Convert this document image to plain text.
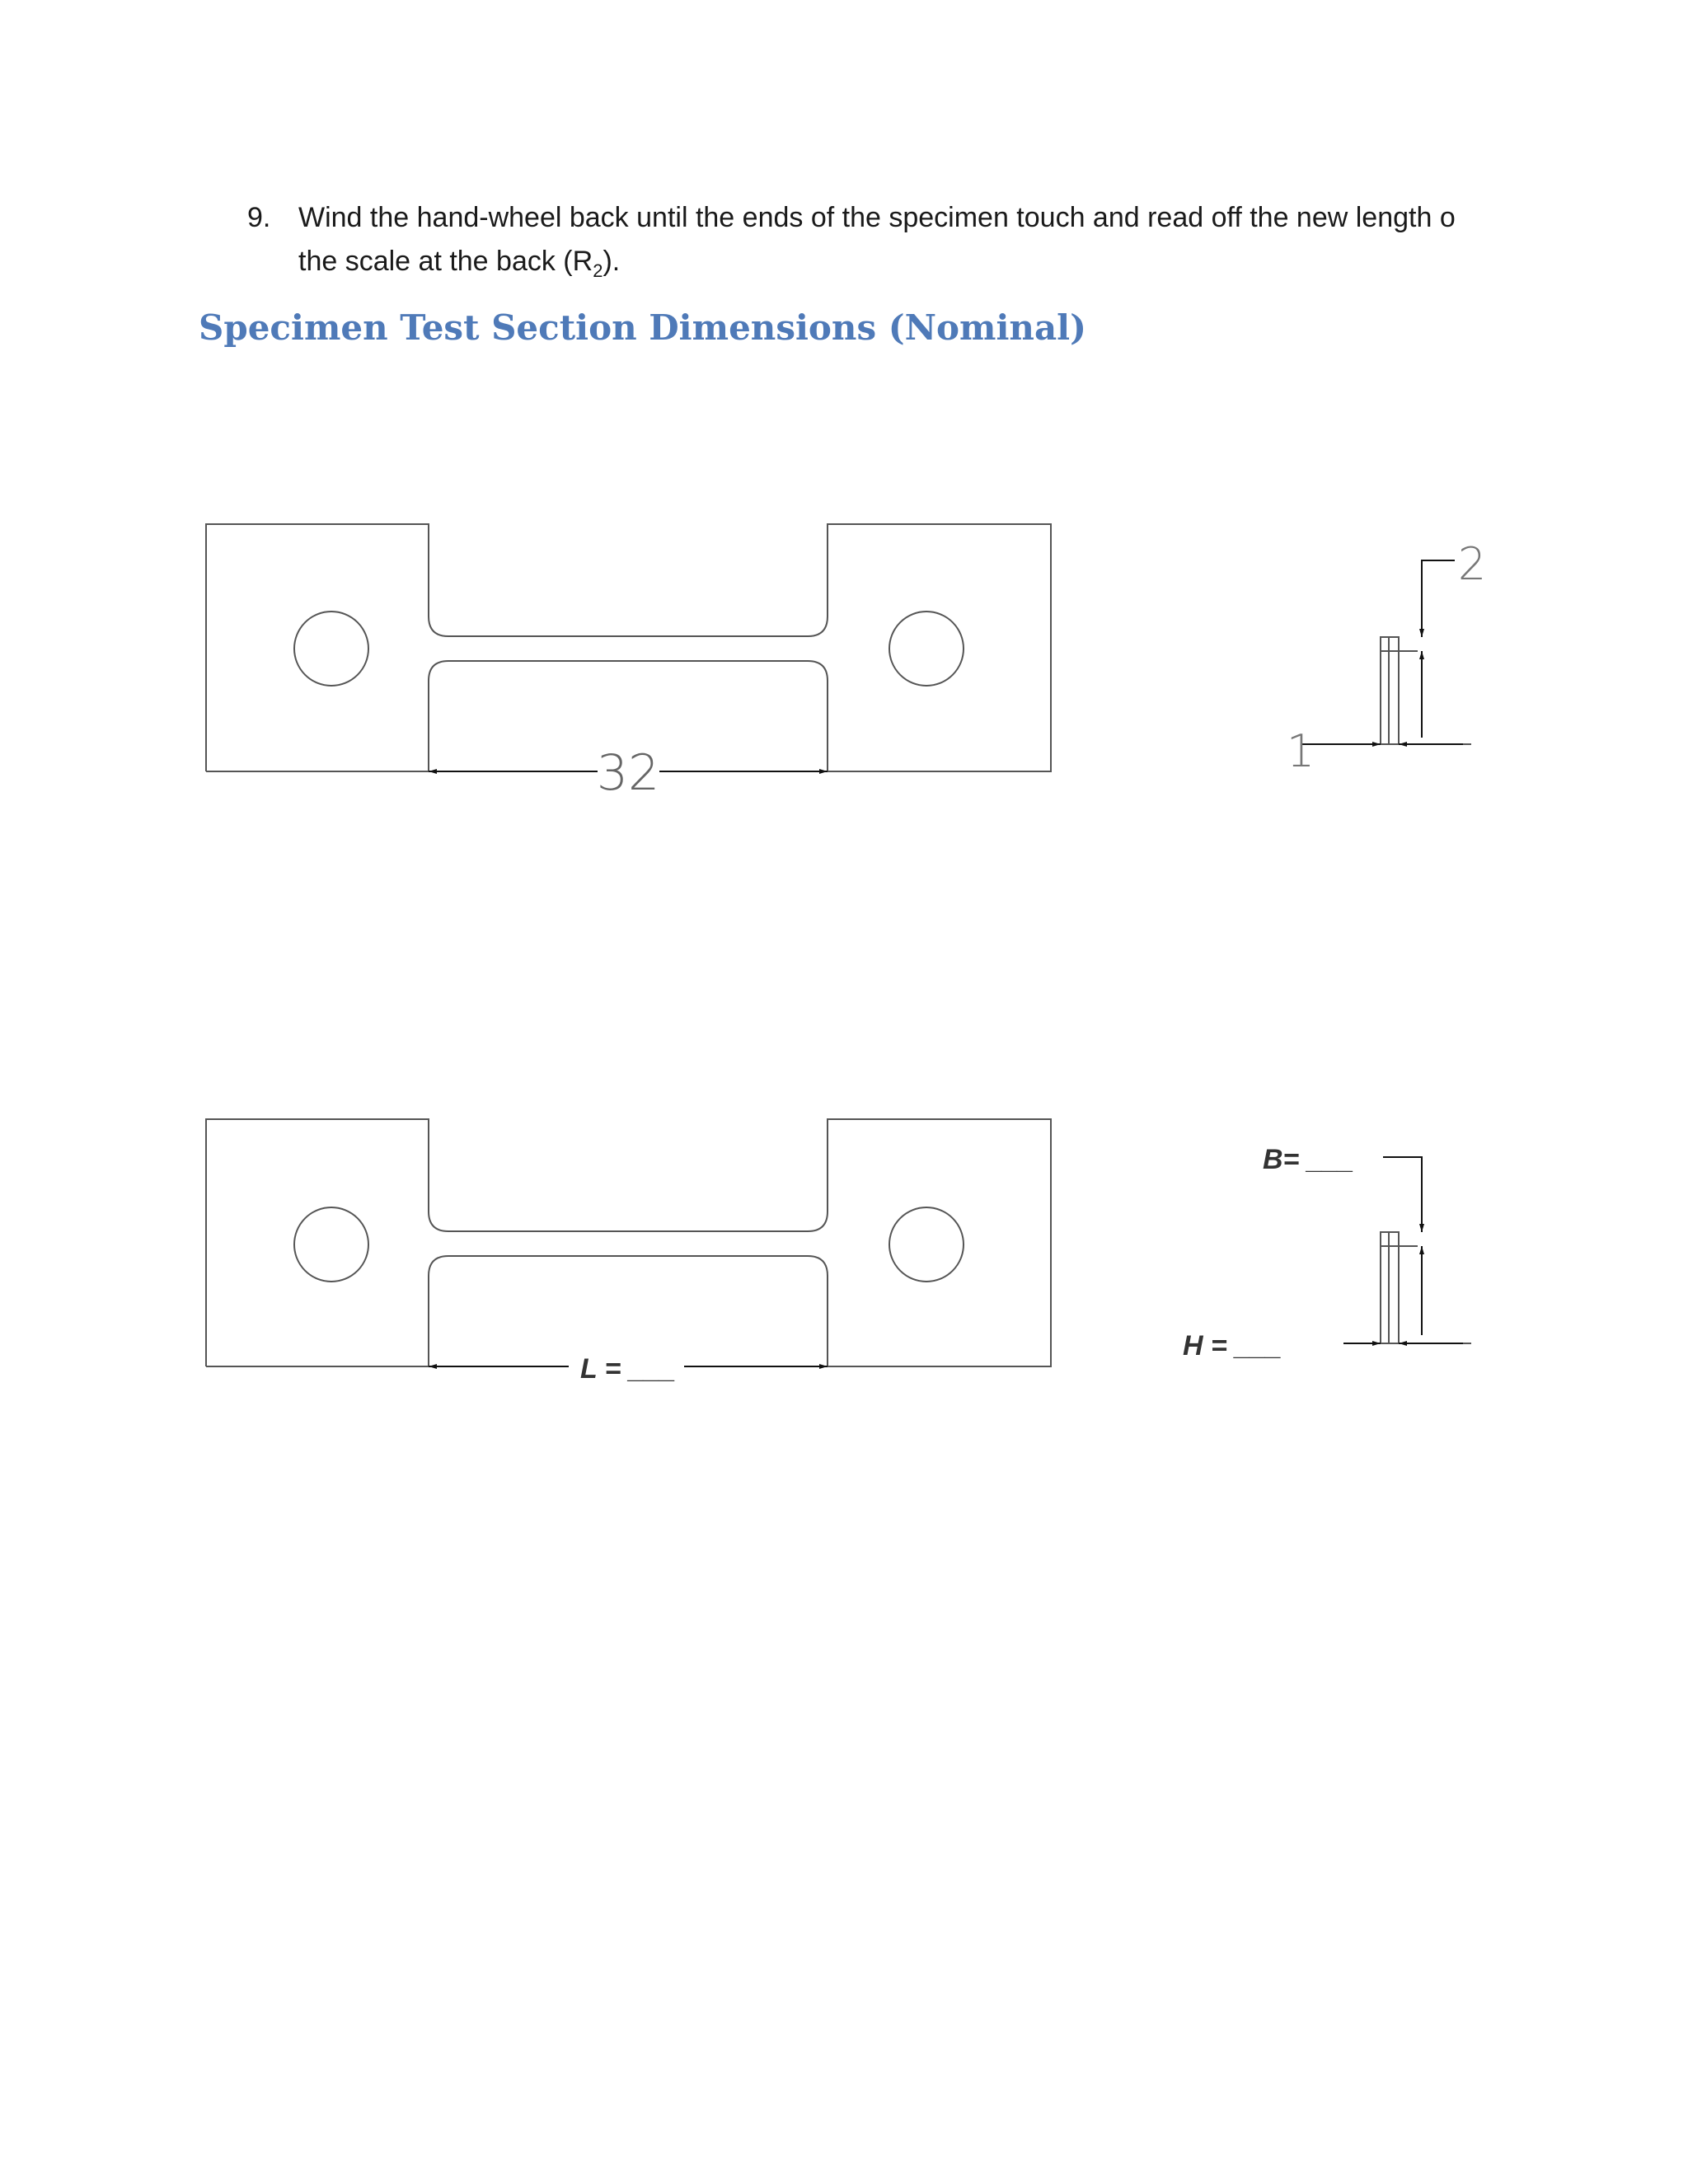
9. Wind the hand-wheel back until the ends of the specimen touch and read off the new length o

the scale at the back $(R_2)$.

Specimen Test Section Dimensions (Nominal)
32	1
2
L = ___
H = ___
B= ___
